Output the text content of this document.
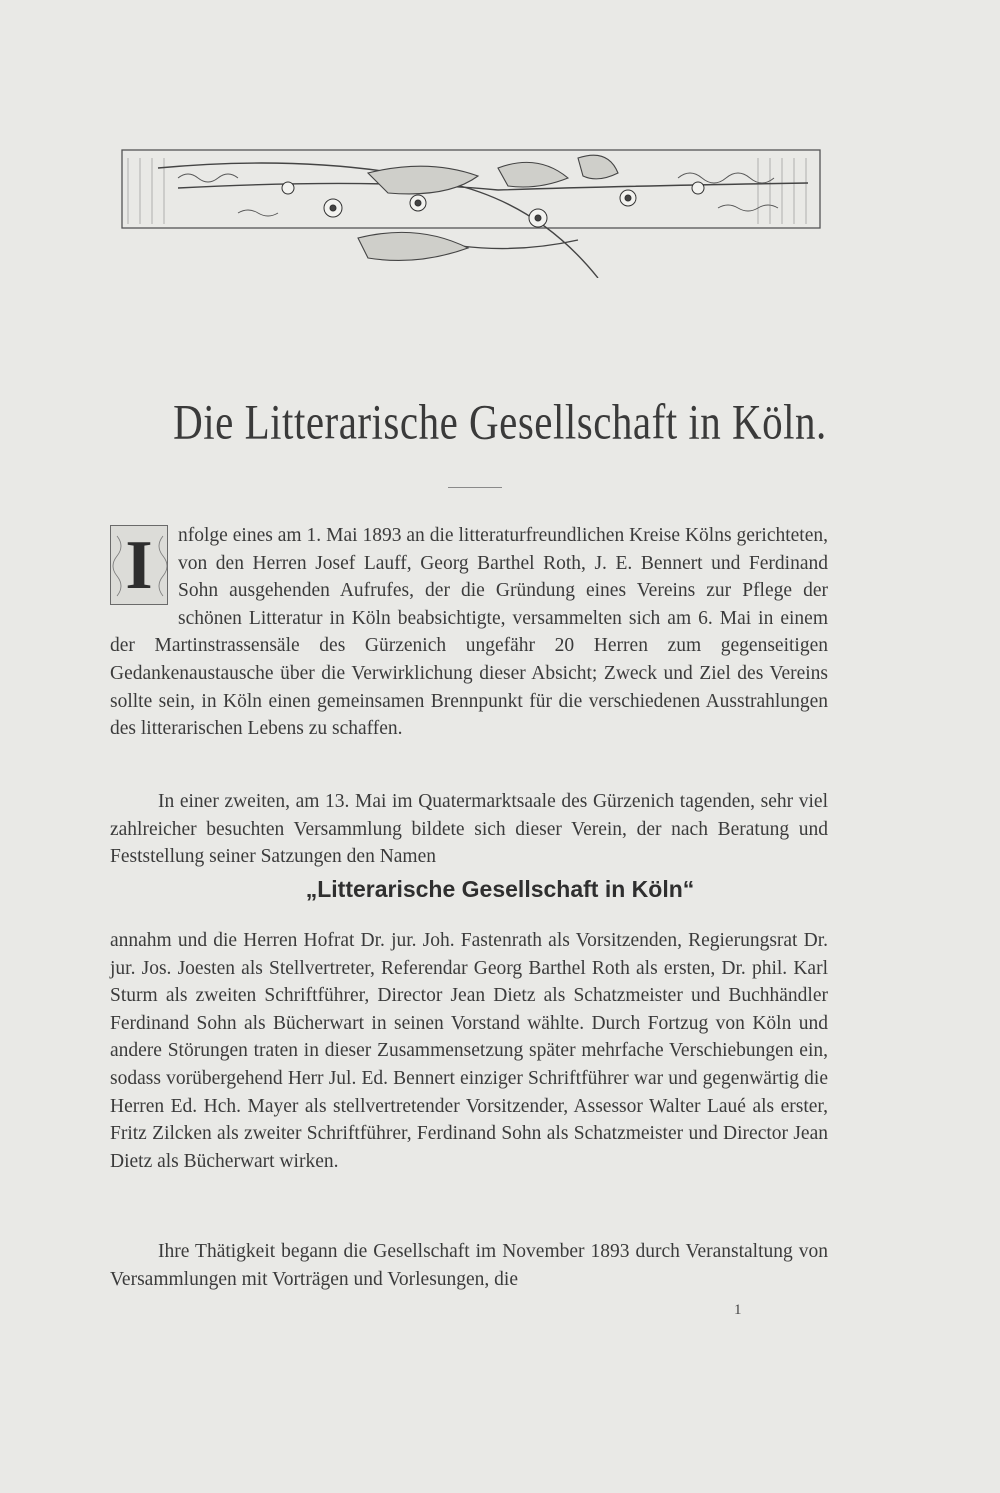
Die Litterarische Gesellschaft in Köln.
I	nfolge eines am 1. Mai 1893 an die litteraturfreundlichen Kreise Kölns gerichteten, von den Herren Josef Lauff, Georg Barthel Roth, J. E. Bennert und Ferdinand Sohn ausgehenden Aufrufes, der die Gründung eines Vereins zur Pflege der schönen Litteratur in Köln beabsichtigte, versammelten sich am 6. Mai in einem der Martinstrassensäle des Gürzenich ungefähr 20 Herren zum gegenseitigen Gedankenaustausche über die Verwirklichung dieser Absicht; Zweck und Ziel des Vereins sollte sein, in Köln einen gemeinsamen Brennpunkt für die verschiedenen Ausstrahlungen des litterarischen Lebens zu schaffen.

In einer zweiten, am 13. Mai im Quatermarktsaale des Gürzenich tagenden, sehr viel zahlreicher besuchten Versammlung bildete sich dieser Verein, der nach Beratung und Feststellung seiner Satzungen den Namen

„Litterarische Gesellschaft in Köln“

annahm und die Herren Hofrat Dr. jur. Joh. Fastenrath als Vorsitzenden, Regierungsrat Dr. jur. Jos. Joesten als Stellvertreter, Referendar Georg Barthel Roth als ersten, Dr. phil. Karl Sturm als zweiten Schriftführer, Director Jean Dietz als Schatzmeister und Buchhändler Ferdinand Sohn als Bücherwart in seinen Vorstand wählte. Durch Fortzug von Köln und andere Störungen traten in dieser Zusammensetzung später mehrfache Verschiebungen ein, sodass vorübergehend Herr Jul. Ed. Bennert einziger Schriftführer war und gegenwärtig die Herren Ed. Hch. Mayer als stellvertretender Vorsitzender, Assessor Walter Laué als erster, Fritz Zilcken als zweiter Schriftführer, Ferdinand Sohn als Schatzmeister und Director Jean Dietz als Bücherwart wirken.

Ihre Thätigkeit begann die Gesellschaft im November 1893 durch Veranstaltung von Versammlungen mit Vorträgen und Vorlesungen, die

1
